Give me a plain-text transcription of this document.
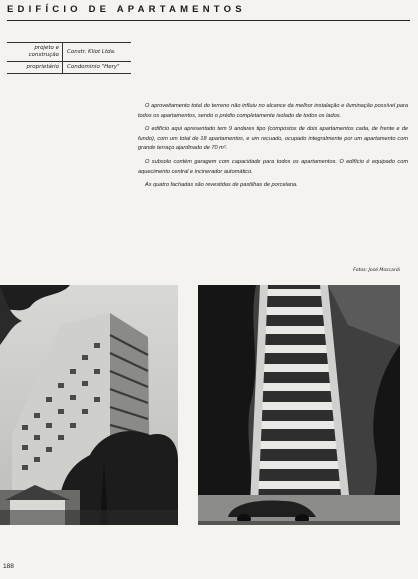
EDIFÍCIO DE APARTAMENTOS
projeto e construção
Constr. Kliot Ltda.
proprietário	Condominio "Hery"

O aproveitamento total do terreno não influiu no alcance da melhor instalação e iluminação possível para todos os apartamentos, sendo o prédio completamente isolado de todos os lados.

O edifício aqui apresentado tem 9 andares tipo (compostos de dois apartamentos cada, de frente e de fundo), com um total de 18 apartamentos, e um recuado, ocupado integralmente por um apartamento com grande terraço ajardinado de 70 m².

O subsolo contém garagem com capacidade para todos os apartamentos. O edifício é equipado com aquecimento central e incinerador automático.

As quatro fachadas são revestidas de pastilhas de porcelana.

Fotos: José Moscardi
188
